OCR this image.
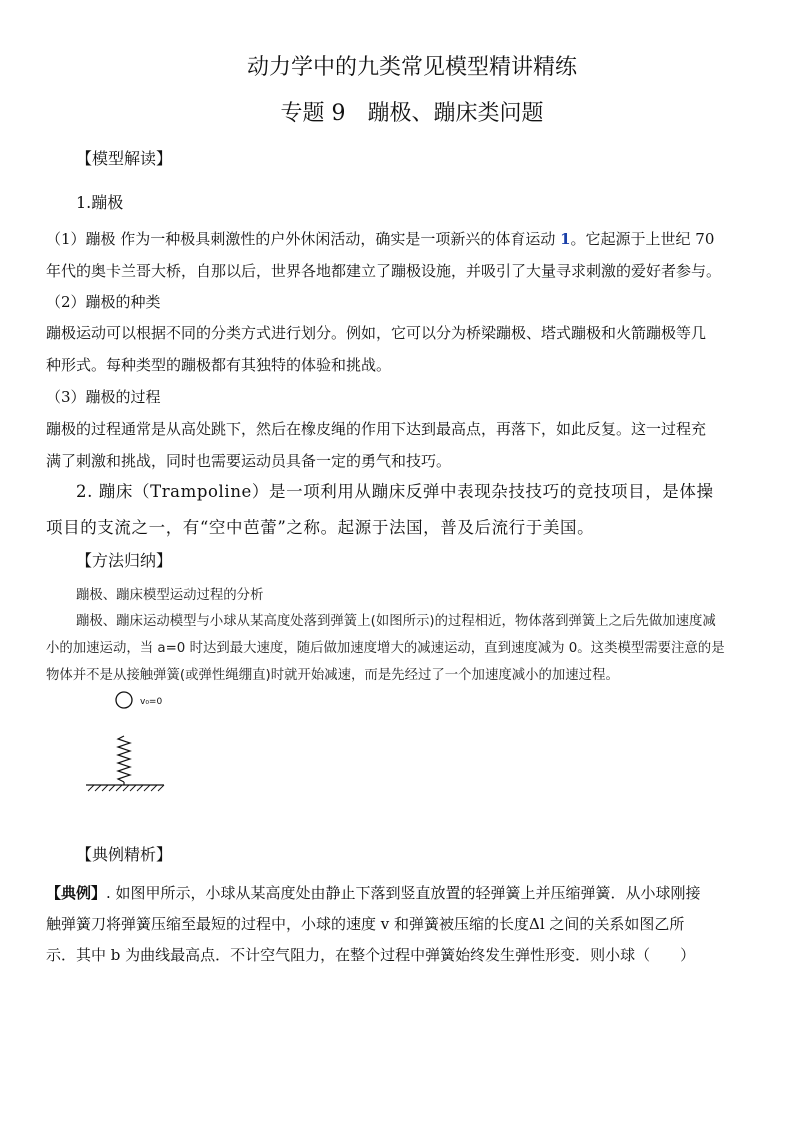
动力学中的九类常见模型精讲精练
专题 9　蹦极、蹦床类问题
【模型解读】
1.蹦极
（1）蹦极 作为一种极具刺激性的户外休闲活动，确实是一项新兴的体育运动 1。它起源于上世纪 70
年代的奥卡兰哥大桥，自那以后，世界各地都建立了蹦极设施，并吸引了大量寻求刺激的爱好者参与。
（2）蹦极的种类
蹦极运动可以根据不同的分类方式进行划分。例如，它可以分为桥梁蹦极、塔式蹦极和火箭蹦极等几
种形式。每种类型的蹦极都有其独特的体验和挑战。
（3）蹦极的过程
蹦极的过程通常是从高处跳下，然后在橡皮绳的作用下达到最高点，再落下，如此反复。这一过程充
满了刺激和挑战，同时也需要运动员具备一定的勇气和技巧。
2. 蹦床（Trampoline）是一项利用从蹦床反弹中表现杂技技巧的竞技项目，是体操
项目的支流之一，有“空中芭蕾”之称。起源于法国，普及后流行于美国。
【方法归纳】
蹦极、蹦床模型运动过程的分析
蹦极、蹦床运动模型与小球从某高度处落到弹簧上(如图所示)的过程相近，物体落到弹簧上之后先做加速度减
小的加速运动，当 a=0 时达到最大速度，随后做加速度增大的减速运动，直到速度减为 0。这类模型需要注意的是
物体并不是从接触弹簧(或弹性绳绷直)时就开始减速，而是先经过了一个加速度减小的加速过程。
v₀=0
【典例精析】
【典例】. 如图甲所示，小球从某高度处由静止下落到竖直放置的轻弹簧上并压缩弹簧．从小球刚接
触弹簧刀将弹簧压缩至最短的过程中，小球的速度 v 和弹簧被压缩的长度Δl 之间的关系如图乙所
示．其中 b 为曲线最高点．不计空气阻力，在整个过程中弹簧始终发生弹性形变．则小球（　　）
